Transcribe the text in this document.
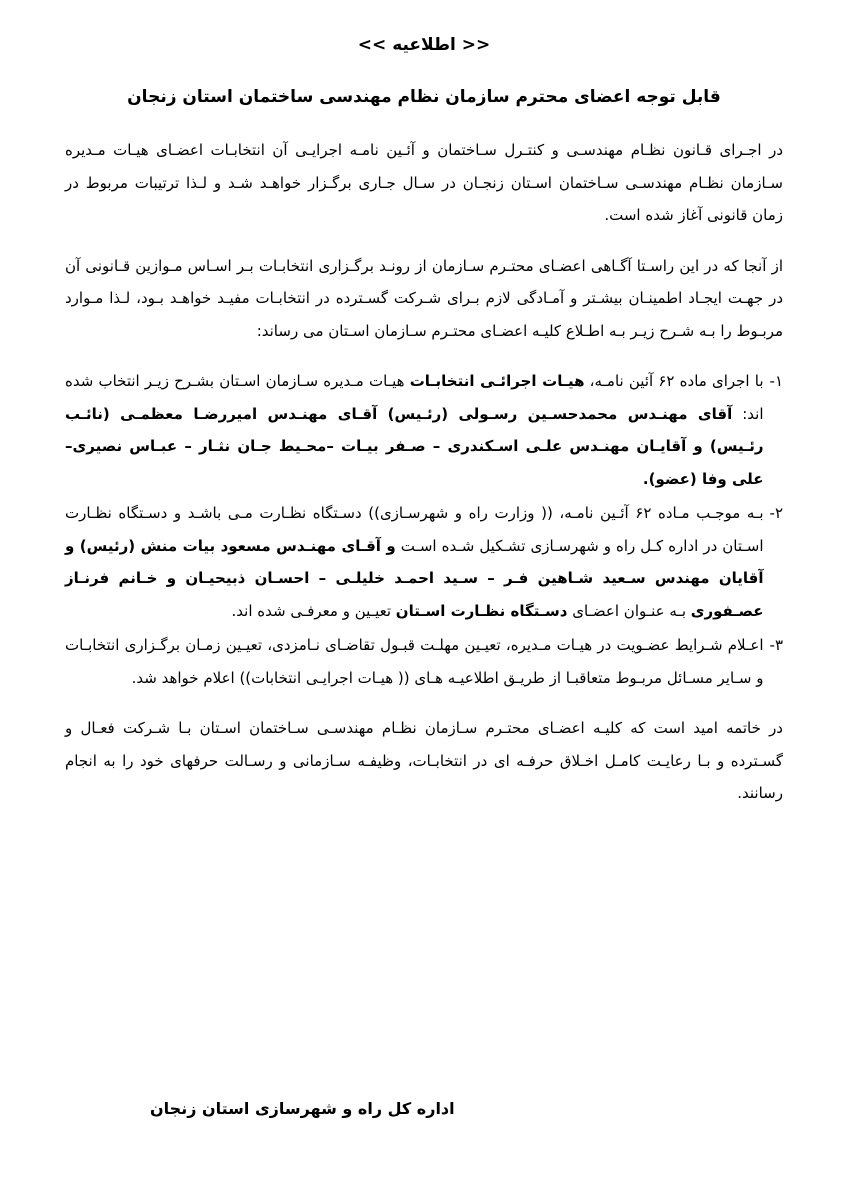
<< اطلاعیه >>
قابل توجه اعضای محترم سازمان نظام مهندسی ساختمان استان زنجان

در اجـرای قـانون نظـام مهندسـی و کنتـرل سـاختمان و آئـین نامـه اجرایـی آن انتخابـات اعضـای هیـات مـدیره سـازمان نظـام مهندسـی سـاختمان اسـتان زنجـان در سـال جـاری برگـزار خواهـد شـد و لـذا ترتیبات مربوط در زمان قانونی آغاز شده است.

از آنجا که در این راسـتا آگـاهی اعضـای محتـرم سـازمان از رونـد برگـزاری انتخابـات بـر اسـاس مـوازین قـانونی آن در جهـت ایجـاد اطمینـان بیشـتر و آمـادگی لازم بـرای شـرکت گسـترده در انتخابـات مفیـد خواهـد بـود، لـذا مـوارد مربـوط را بـه شـرح زیـر بـه اطـلاع کلیـه اعضـای محتـرم سـازمان اسـتان می رساند:

۱-
با اجرای ماده ۶۲ آئین نامـه، هیـات اجرائـی انتخابـات هیـات مـدیره سـازمان اسـتان بشـرح زیـر انتخاب شده اند: آقای مهنـدس محمدحسـین رسـولی (رئـیس) آقـای مهنـدس امیررضـا معظمـی (نائـب رئـیس) و آقایـان مهنـدس علـی اسـکندری – صـفر بیـات –محـیط جـان نثـار – عبـاس نصیری– علی وفا (عضو).
۲-
بـه موجـب مـاده ۶۲ آئـین نامـه، (( وزارت راه و شهرسـازی)) دسـتگاه نظـارت مـی باشـد و دسـتگاه نظـارت اسـتان در اداره کـل راه و شهرسـازی تشـکیل شـده اسـت و آقـای مهنـدس مسعود بیات منش (رئیس) و آقایان مهندس سـعید شـاهین فـر – سـید احمـد خلیلـی – احسـان ذبیحیـان و خـانم فرنـاز عصـفوری بـه عنـوان اعضـای دسـتگاه نظـارت اسـتان تعیـین و معرفـی شده اند.
۳-
اعـلام شـرایط عضـویت در هیـات مـدیره، تعیـین مهلـت قبـول تقاضـای نـامزدی، تعیـین زمـان برگـزاری انتخابـات و سـایر مسـائل مربـوط متعاقبـا از طریـق اطلاعیـه هـای (( هیـات اجرایـی انتخابات)) اعلام خواهد شد.

در خاتمه امید است که کلیـه اعضـای محتـرم سـازمان نظـام مهندسـی سـاختمان اسـتان بـا شـرکت فعـال و گسـترده و بـا رعایـت کامـل اخـلاق حرفـه ای در انتخابـات، وظیفـه سـازمانی و رسـالت حرفهای خود را به انجام رسانند.

اداره کل راه و شهرسازی استان زنجان
